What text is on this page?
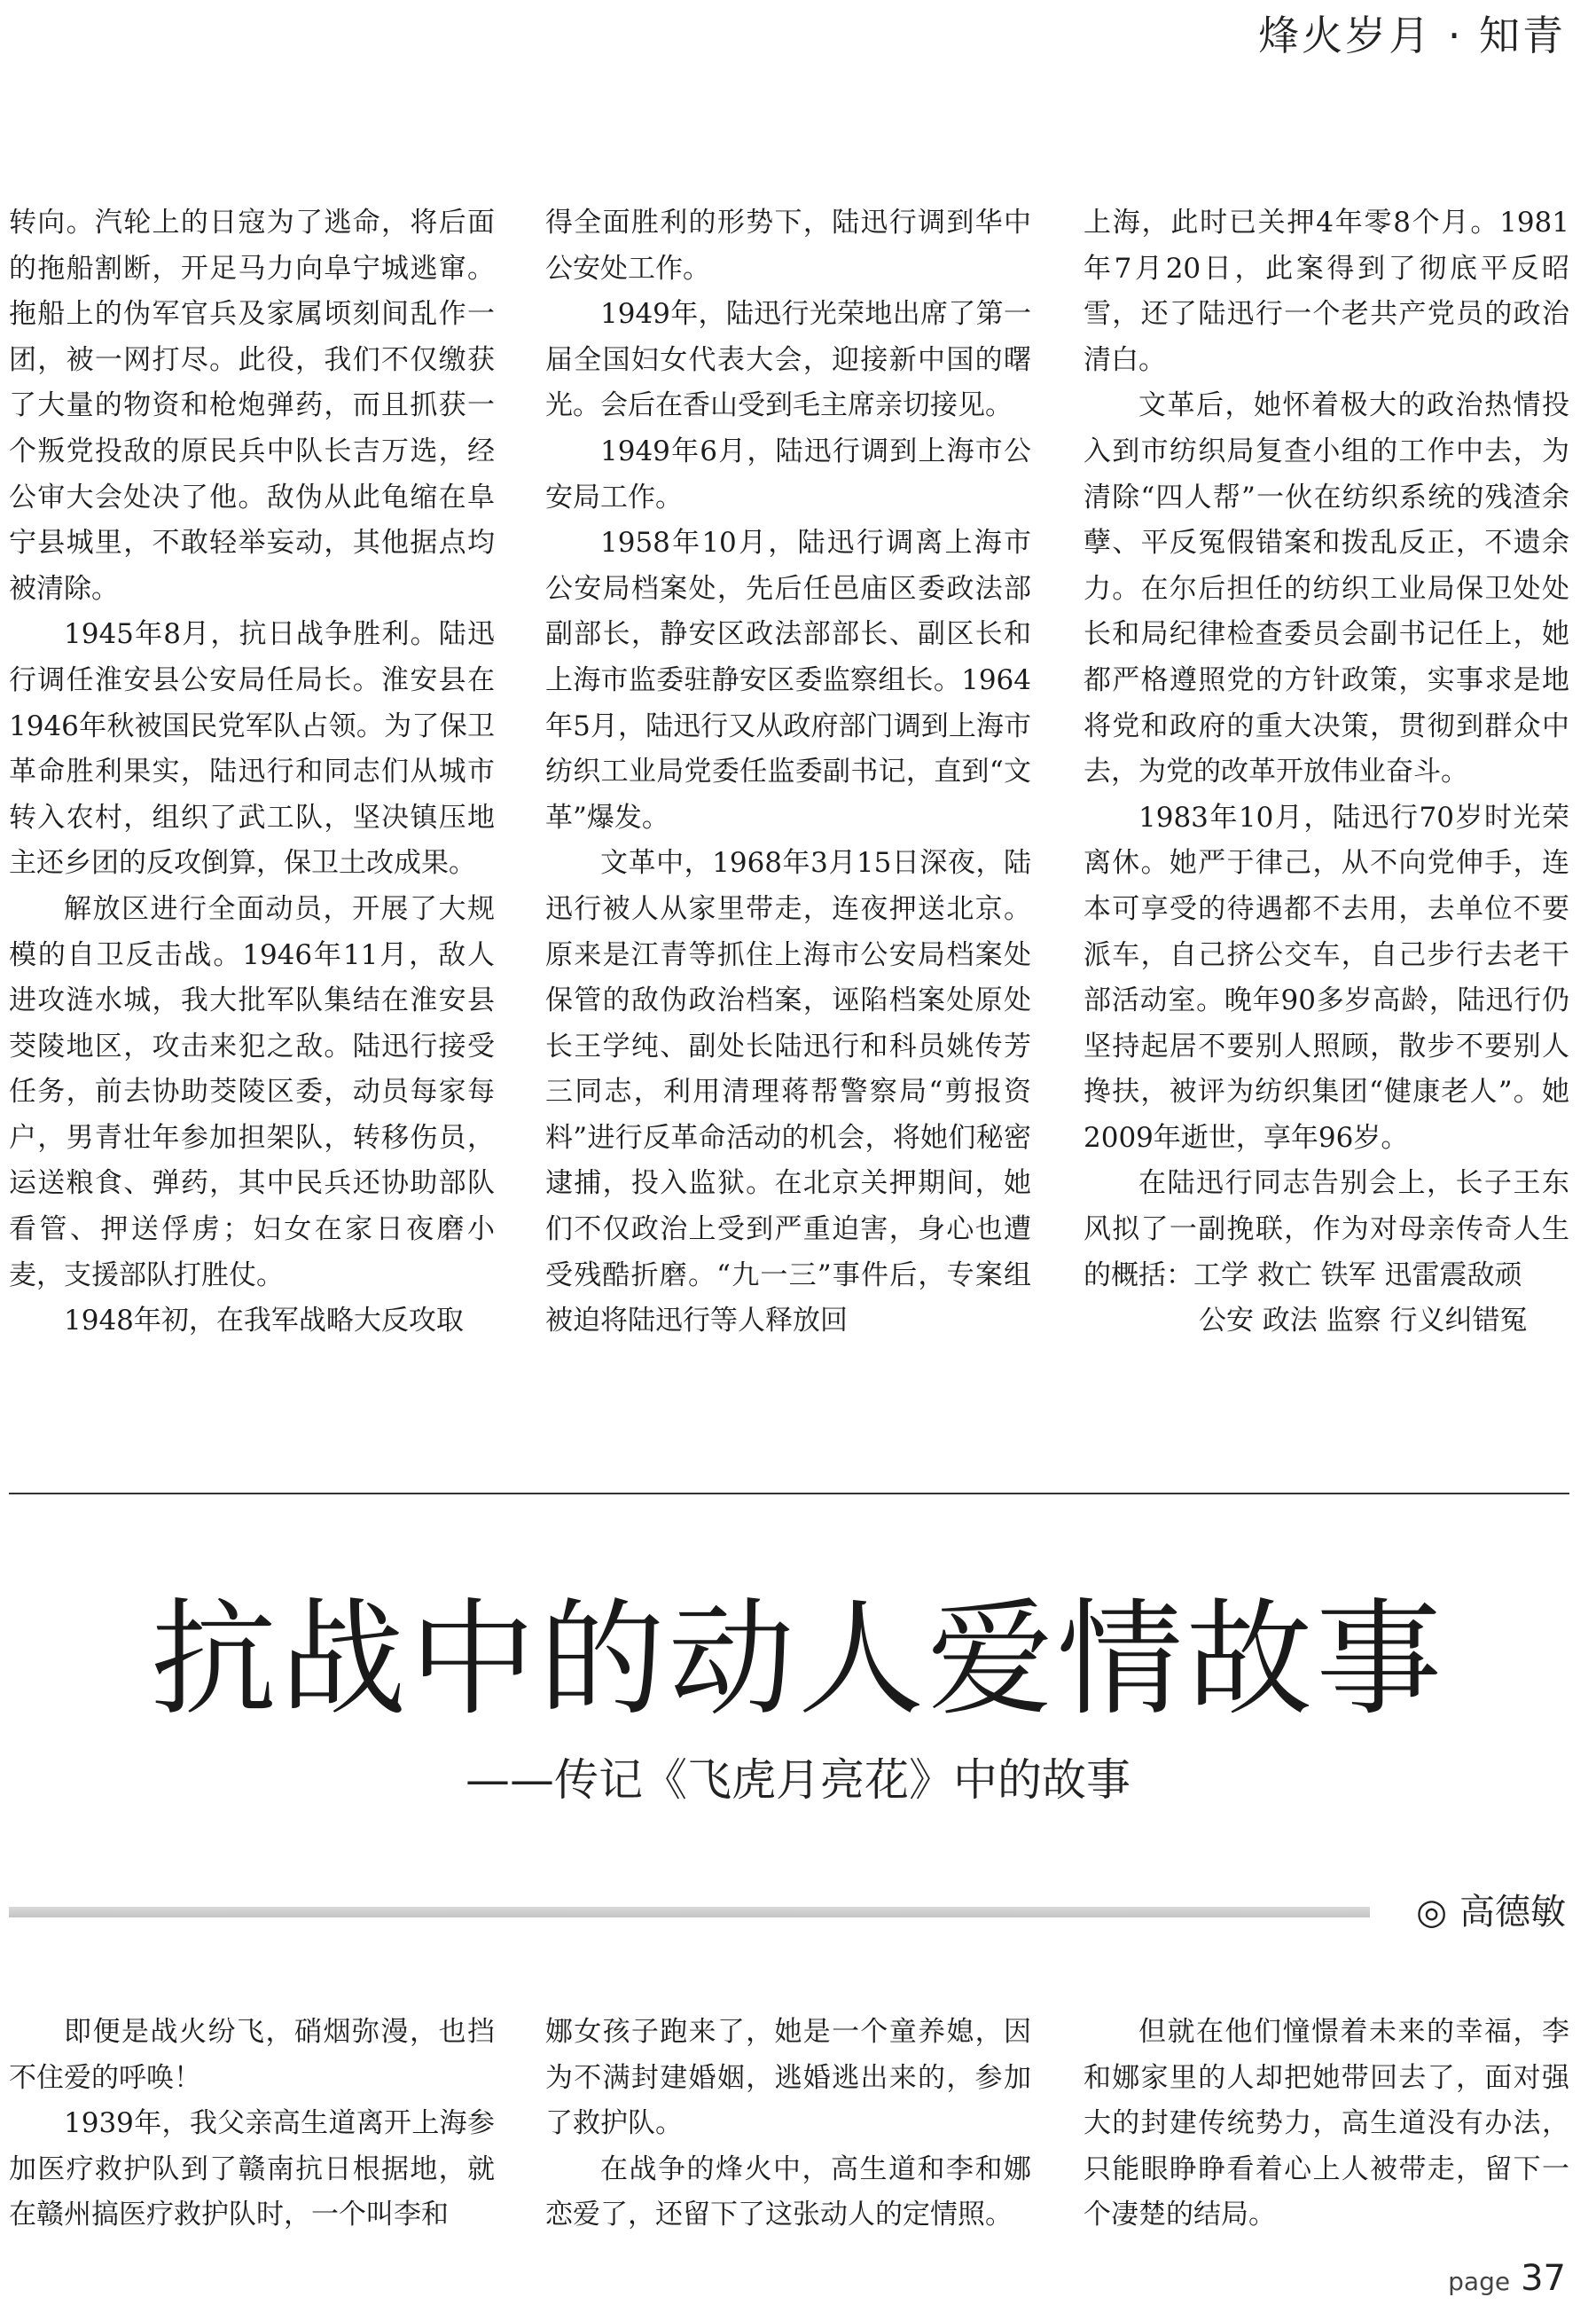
烽火岁月 · 知青

转向。汽轮上的日寇为了逃命，将后面的拖船割断，开足马力向阜宁城逃窜。拖船上的伪军官兵及家属顷刻间乱作一团，被一网打尽。此役，我们不仅缴获了大量的物资和枪炮弹药，而且抓获一个叛党投敌的原民兵中队长吉万选，经公审大会处决了他。敌伪从此龟缩在阜宁县城里，不敢轻举妄动，其他据点均被清除。

1945年8月，抗日战争胜利。陆迅行调任淮安县公安局任局长。淮安县在1946年秋被国民党军队占领。为了保卫革命胜利果实，陆迅行和同志们从城市转入农村，组织了武工队，坚决镇压地主还乡团的反攻倒算，保卫土改成果。

解放区进行全面动员，开展了大规模的自卫反击战。1946年11月，敌人进攻涟水城，我大批军队集结在淮安县茭陵地区，攻击来犯之敌。陆迅行接受任务，前去协助茭陵区委，动员每家每户，男青壮年参加担架队，转移伤员，运送粮食、弹药，其中民兵还协助部队看管、押送俘虏；妇女在家日夜磨小麦，支援部队打胜仗。

1948年初，在我军战略大反攻取

得全面胜利的形势下，陆迅行调到华中公安处工作。

1949年，陆迅行光荣地出席了第一届全国妇女代表大会，迎接新中国的曙光。会后在香山受到毛主席亲切接见。

1949年6月，陆迅行调到上海市公安局工作。

1958年10月，陆迅行调离上海市公安局档案处，先后任邑庙区委政法部副部长，静安区政法部部长、副区长和上海市监委驻静安区委监察组长。1964年5月，陆迅行又从政府部门调到上海市纺织工业局党委任监委副书记，直到“文革”爆发。

文革中，1968年3月15日深夜，陆迅行被人从家里带走，连夜押送北京。原来是江青等抓住上海市公安局档案处保管的敌伪政治档案，诬陷档案处原处长王学纯、副处长陆迅行和科员姚传芳三同志，利用清理蒋帮警察局“剪报资料”进行反革命活动的机会，将她们秘密逮捕，投入监狱。在北京关押期间，她们不仅政治上受到严重迫害，身心也遭受残酷折磨。“九一三”事件后，专案组被迫将陆迅行等人释放回

上海，此时已关押4年零8个月。1981年7月20日，此案得到了彻底平反昭雪，还了陆迅行一个老共产党员的政治清白。

文革后，她怀着极大的政治热情投入到市纺织局复查小组的工作中去，为清除“四人帮”一伙在纺织系统的残渣余孽、平反冤假错案和拨乱反正，不遗余力。在尔后担任的纺织工业局保卫处处长和局纪律检查委员会副书记任上，她都严格遵照党的方针政策，实事求是地将党和政府的重大决策，贯彻到群众中去，为党的改革开放伟业奋斗。

1983年10月，陆迅行70岁时光荣离休。她严于律己，从不向党伸手，连本可享受的待遇都不去用，去单位不要派车，自己挤公交车，自己步行去老干部活动室。晚年90多岁高龄，陆迅行仍坚持起居不要别人照顾，散步不要别人搀扶，被评为纺织集团“健康老人”。她2009年逝世，享年96岁。

在陆迅行同志告别会上，长子王东风拟了一副挽联，作为对母亲传奇人生的概括：工学 救亡 铁军 迅雷震敌顽

公安 政法 监察 行义纠错冤

抗战中的动人爱情故事
——传记《飞虎月亮花》中的故事
◎ 高德敏

即便是战火纷飞，硝烟弥漫，也挡不住爱的呼唤！

1939年，我父亲高生道离开上海参加医疗救护队到了赣南抗日根据地，就在赣州搞医疗救护队时，一个叫李和

娜女孩子跑来了，她是一个童养媳，因为不满封建婚姻，逃婚逃出来的，参加了救护队。

在战争的烽火中，高生道和李和娜恋爱了，还留下了这张动人的定情照。

但就在他们憧憬着未来的幸福，李和娜家里的人却把她带回去了，面对强大的封建传统势力，高生道没有办法，只能眼睁睁看着心上人被带走，留下一个凄楚的结局。

page 37
